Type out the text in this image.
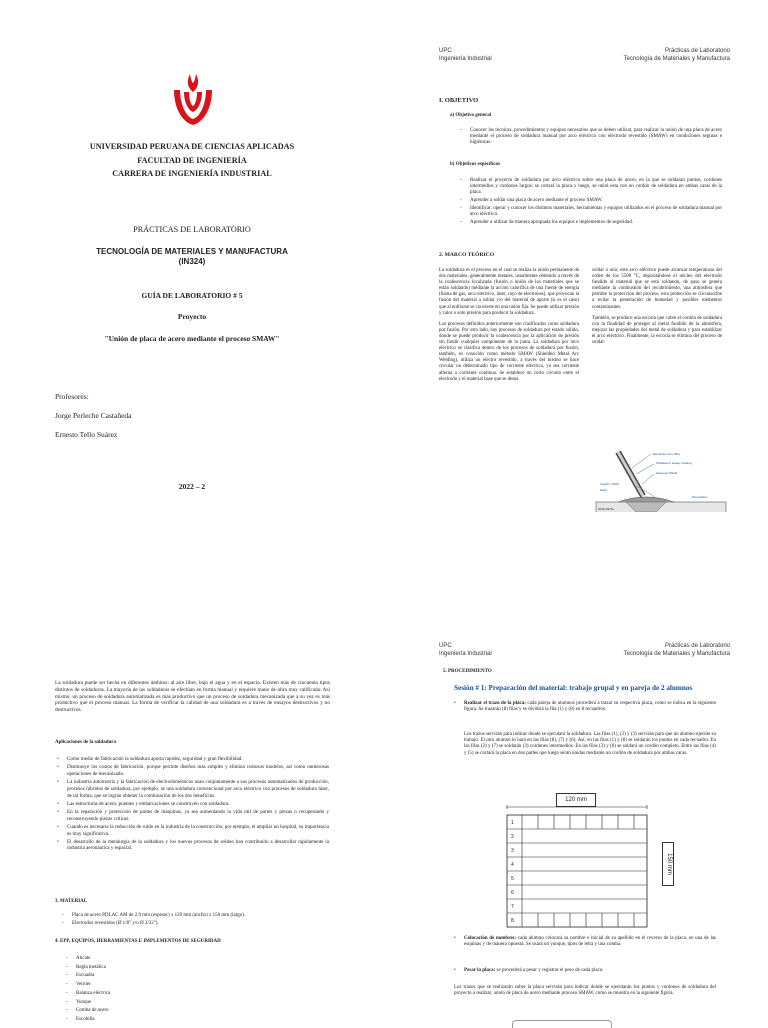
UNIVERSIDAD PERUANA DE CIENCIAS APLICADAS
FACULTAD DE INGENIERÍA
CARRERA DE INGENIERÍA INDUSTRIAL
PRÁCTICAS DE LABORATORIO
TECNOLOGÍA DE MATERIALES Y MANUFACTURA
(IN324)
GUÍA DE LABORATORIO # 5
Proyecto
"Unión de placa de acero mediante el proceso SMAW"
Profesores:
Jorge Perleche Castañeda
Ernesto Tello Suárez
2022 – 2
UPC
Ingeniería Industrial
Prácticas de Laboratorio
Tecnología de Materiales y Manufactura
I. OBJETIVO
a) Objetivo general
- Conocer las técnicas, procedimientos y equipos necesarios que se deben utilizar, para realizar la unión de una placa de acero mediante el proceso de soldadura manual por arco eléctrico con electrodo revestido (SMAW) en condiciones seguras e higiénicas.
b) Objetivos específicos
- Realizar el proyecto de soldadura por arco eléctrico sobre una placa de acero, en la que se soldaran puntos, cordones intermedios y cordones largos; se cortará la placa y luego, se unirá esta con un cordón de soldadura en ambas caras de la placa.
- Aprender a soldar una placa de acero mediante el proceso SMAW.
- Identificar, operar y conocer los distintos materiales, herramientas y equipos utilizados en el proceso de soldadura manual por arco eléctrico.
- Aprender a utilizar de manera apropiada los equipos e implementos de seguridad.
2. MARCO TEÓRICO

La soldadura es el proceso en el cual se realiza la unión permanente de dos materiales, generalmente metales, usualmente obtenido a través de la coalescencia localizada (fusión o unión de los materiales que se están soldando) mediante la acción calorífica de una fuente de energía (llama de gas, arco eléctrico, láser, rayo de electrones), que provocan la fusión del material a soldar y/o del material de aporte (si es el caso) que al enfriarse se convierte en una unión fija. Se puede utilizar presión y calor o solo presión para producir la soldadura.

Los procesos definidos anteriormente son clasificados como soldadura por fusión. Por otro lado, hay procesos de soldadura por estado sólido, donde se puede producir la coalescencia por la aplicación de presión sin fundir cualquier componente de la junta. La soldadura por arco eléctrico se clasifica dentro de los procesos de soldadura por fusión, también, es conocido como método SMAW (Shielded Metal Arc Welding), utiliza un electro revestido, a través del mismo se hace circular un determinado tipo de corriente eléctrica, ya sea corriente alterna o corriente continua. Se establece un corto circuito entre el electrodo y el material base que se desea

soldar o unir, este arco eléctrico puede alcanzar temperaturas del orden de los 5500 °C, depositándose el núcleo del electrodo fundido al material que se está soldando, de paso se genera mediante la combustión del recubrimiento, una atmósfera que permite la protección del proceso, esta protección se circunscribe a evitar la penetración de humedad y posibles elementos contaminantes.

También, se produce una escoria que cubre el cordón de soldadura con la finalidad de proteger al metal fundido de la atmósfera, mejorar las propiedades del metal de soldadura y para estabilizar el arco eléctrico. Finalmente, la escoria se elimina del proceso de soldar.

Electrode Core Wire
Shielded or Heavy Coating
Gaseous Shield
Weld
Impact y Weld
Penetration
BASE METAL

La soldadura puede ser hecha en diferentes ámbitos: al aire libre, bajo el agua y en el espacio. Existen más de cincuenta tipos distintos de soldaduras. La mayoría de las soldaduras se efectúan en forma manual y requiere mano de obra muy calificada. Así mismo, un proceso de soldadura automatizada es más productivo que un proceso de soldadura mecanizada que a su vez es más productivo que el proceso manual. La forma de verificar la calidad de una soldadura es a través de ensayos destructivos y no destructivos.

Aplicaciones de la soldadura
• Como medio de fabricación la soldadura aporta rapidez, seguridad y gran flexibilidad.
• Disminuye los costos de fabricación, porque permite diseños más simples y elimina costosos modelos, así como numerosas operaciones de mecanizado.
• La industria automotriz y la fabricación de electrodomésticos usan conjuntamente a sus procesos automatizados de producción, procesos híbridos de soldadura, por ejemplo, se una soldadura convencional por arco eléctrico con procesos de soldadura láser, de tal forma, que se logran obtener la combinación de los dos beneficios.
• Las estructuras de acero, puentes y embarcaciones se construyen con soldadura.
• En la reparación y protección de partes de máquinas, ya sea aumentando la vida útil de partes y piezas o recuperando y reconstruyendo piezas críticas.
• Cuando es necesaria la reducción de ruido en la industria de la construcción, por ejemplo, el ampliar un hospital, su importancia es muy significativa.
• El desarrollo de la metalurgia de la soldadura y los nuevos procesos de soldeo han contribuido a desarrollar rápidamente la industria aeronáutica y espacial.
3. MATERIAL
- Placa de acero PDLAC AM de 2.9 mm (espesor) x 120 mm (ancho) x 150 mm (largo).
- Electrodos revestidos (Ø 1/8" y/o Ø 3/32").
4. EPP, EQUIPOS, HERRAMIENTAS E IMPLEMENTOS DE SEGURIDAD
- Alicate
- Regla metálica
- Escuadra
- Vernier
- Balanza eléctrica
- Yunque
- Comba de acero
- Escobilla
UPC
Ingeniería Industrial
Prácticas de Laboratorio
Tecnología de Materiales y Manufactura
5. PROCEDIMIENTO
Sesión # 1: Preparación del material: trabajo grupal y en pareja de 2 alumnos
• Realizar el trazo de la placa: cada pareja de alumnos procederá a trazar su respectiva placa, como se indica en la siguiente figura. Se trazarán (8) filas y se dividirá la fila (1) y (8) en 8 recuadros.

Los trazos servirán para indicar donde se ejecutará la soldadura. Las filas (1), (2) y (3) servirán para que un alumno ejecute su trabajo. El otro alumno lo hará en las filas (8), (7) y (6). Así, en las filas (1) y (8) se soldarán los puntos en cada recuadro. En las filas (2) y (7) se soldarán (3) cordones intermedios. En las filas (3) y (6) se soldará un cordón completo. Entre las filas (4) y (5) se cortará la placa en dos partes que luego serán unidas mediante un cordón de soldadura por ambas caras.

120 mm
1
2
3
4
5
6
7
8
150 mm
• Colocación de nombres: cada alumno colocará su nombre e inicial de su apellido en el reverso de la placa, en una de las esquinas y de manera opuesta. Se usará un yunque, tipos de letra y una comba.
• Pesar la placa: se procederá a pesar y registrar el peso de cada placa.

Los trazos que se realizarán sobre la placa servirán para indicar donde se ejecutarán los puntos y cordones de soldadura del proyecto a realizar, unión de placa de acero mediante proceso SMAW, como se muestra en la siguiente figura.
